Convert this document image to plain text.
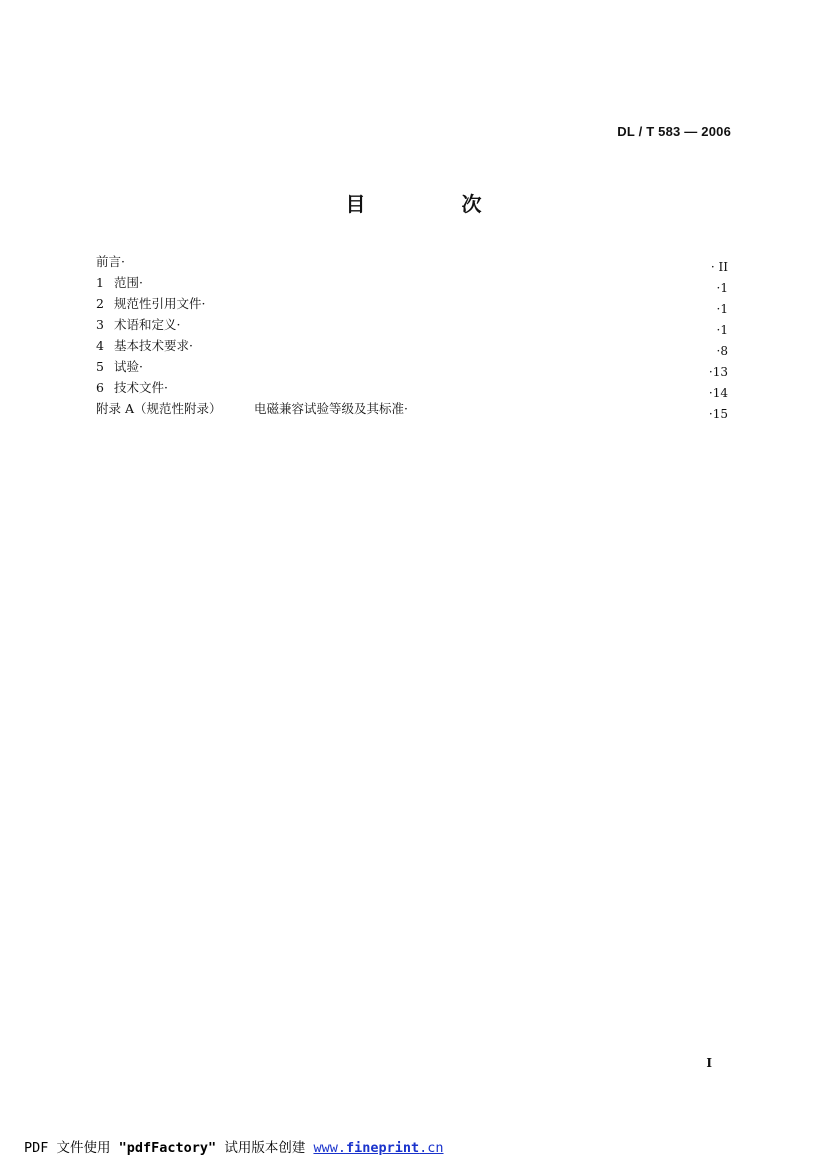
DL / T 583 — 2006
目　次
前言·	· II
1 范围·	·1
2 规范性引用文件·	·1
3 术语和定义·	·1
4 基本技术要求·	·8
5 试验·	·13
6 技术文件·	·14
附录 A（规范性附录）	电磁兼容试验等级及其标准·	·15
I
PDF 文件使用 "pdfFactory" 试用版本创建 www.fineprint.cn
